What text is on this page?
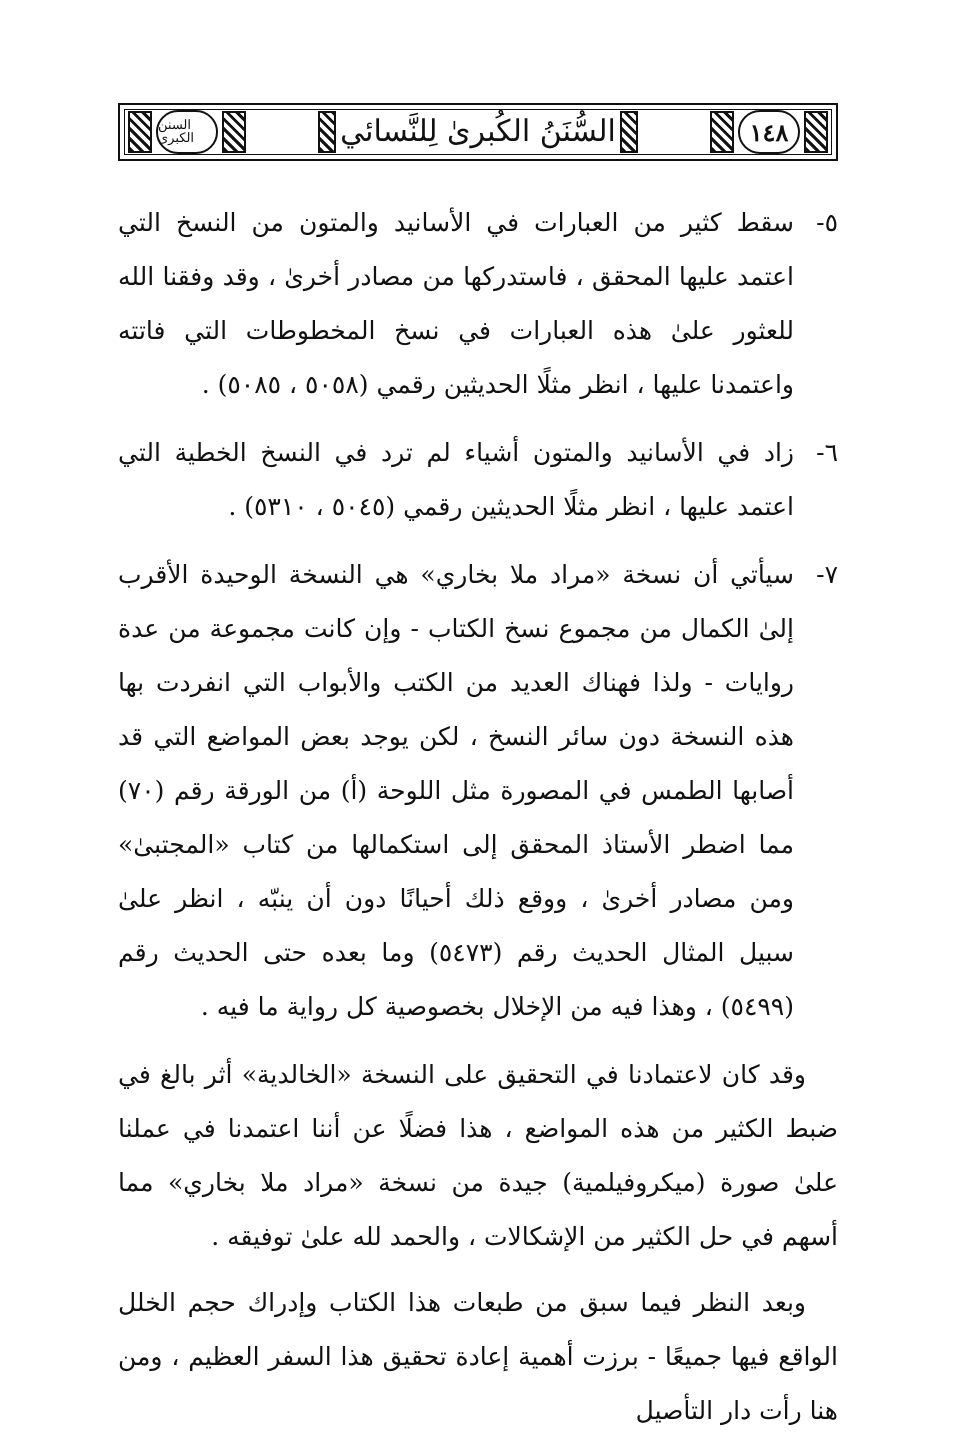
السنن الكبرى	السُّنَنُ الكُبرىٰ لِلنَّسائي	١٤٨
٥-
سقط كثير من العبارات في الأسانيد والمتون من النسخ التي اعتمد عليها المحقق ، فاستدركها من مصادر أخرىٰ ، وقد وفقنا الله للعثور علىٰ هذه العبارات في نسخ المخطوطات التي فاتته واعتمدنا عليها ، انظر مثلًا الحديثين رقمي (٥٠٥٨ ، ٥٠٨٥) .
٦-
زاد في الأسانيد والمتون أشياء لم ترد في النسخ الخطية التي اعتمد عليها ، انظر مثلًا الحديثين رقمي (٥٠٤٥ ، ٥٣١٠) .
٧-
سيأتي أن نسخة «مراد ملا بخاري» هي النسخة الوحيدة الأقرب إلىٰ الكمال من مجموع نسخ الكتاب - وإن كانت مجموعة من عدة روايات - ولذا فهناك العديد من الكتب والأبواب التي انفردت بها هذه النسخة دون سائر النسخ ، لكن يوجد بعض المواضع التي قد أصابها الطمس في المصورة مثل اللوحة (أ) من الورقة رقم (٧٠) مما اضطر الأستاذ المحقق إلى استكمالها من كتاب «المجتبىٰ» ومن مصادر أخرىٰ ، ووقع ذلك أحيانًا دون أن ينبّه ، انظر علىٰ سبيل المثال الحديث رقم (٥٤٧٣) وما بعده حتى الحديث رقم (٥٤٩٩) ، وهذا فيه من الإخلال بخصوصية كل رواية ما فيه .

وقد كان لاعتمادنا في التحقيق على النسخة «الخالدية» أثر بالغ في ضبط الكثير من هذه المواضع ، هذا فضلًا عن أننا اعتمدنا في عملنا علىٰ صورة (ميكروفيلمية) جيدة من نسخة «مراد ملا بخاري» مما أسهم في حل الكثير من الإشكالات ، والحمد لله علىٰ توفيقه .

وبعد النظر فيما سبق من طبعات هذا الكتاب وإدراك حجم الخلل الواقع فيها جميعًا - برزت أهمية إعادة تحقيق هذا السفر العظيم ، ومن هنا رأت دار التأصيل
